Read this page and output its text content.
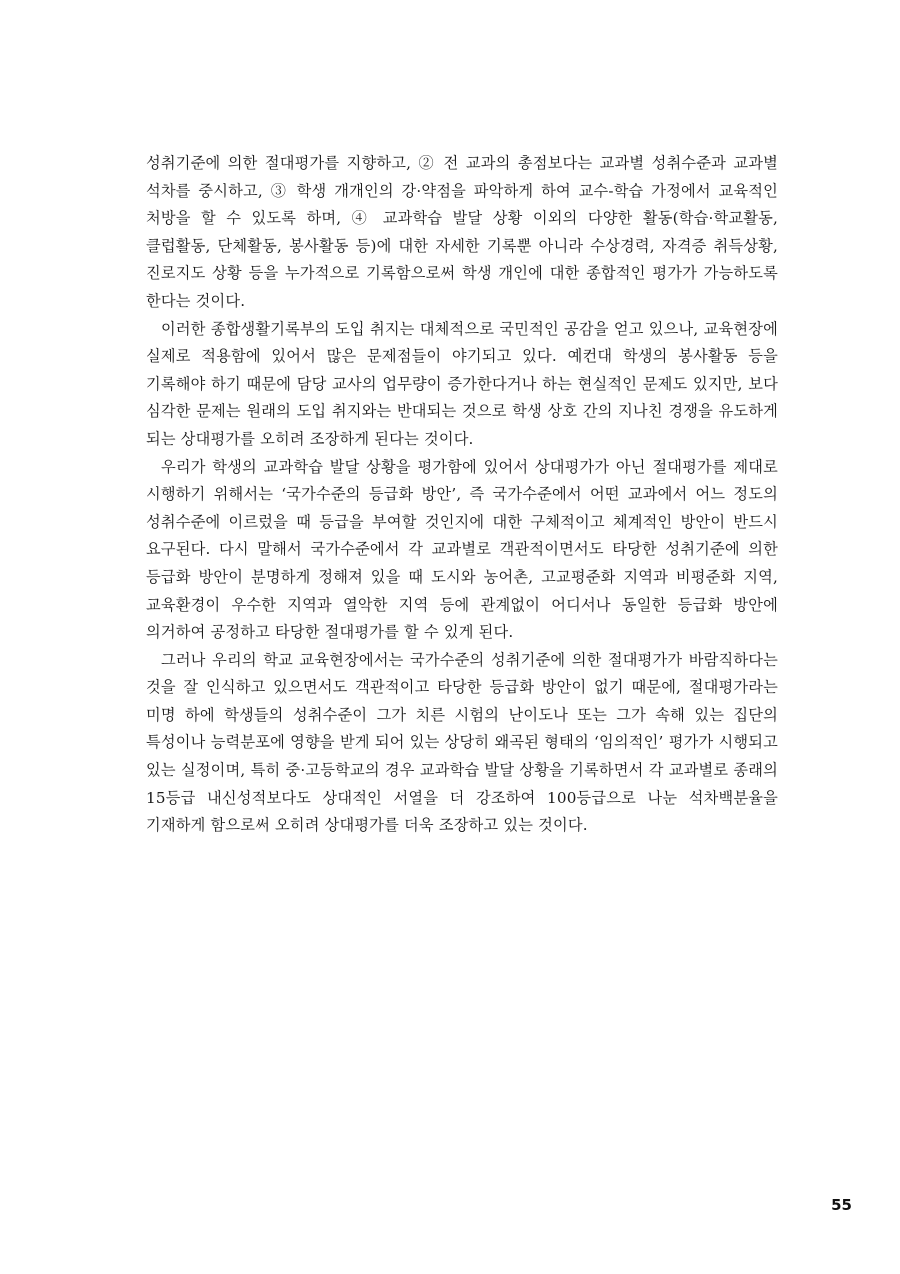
성취기준에 의한 절대평가를 지향하고, ② 전 교과의 총점보다는 교과별 성취수준과 교과별 석차를 중시하고, ③ 학생 개개인의 강·약점을 파악하게 하여 교수-학습 가정에서 교육적인 처방을 할 수 있도록 하며, ④ 교과학습 발달 상황 이외의 다양한 활동(학습·학교활동, 클럽활동, 단체활동, 봉사활동 등)에 대한 자세한 기록뿐 아니라 수상경력, 자격증 취득상황, 진로지도 상황 등을 누가적으로 기록함으로써 학생 개인에 대한 종합적인 평가가 가능하도록 한다는 것이다.

이러한 종합생활기록부의 도입 취지는 대체적으로 국민적인 공감을 얻고 있으나, 교육현장에 실제로 적용함에 있어서 많은 문제점들이 야기되고 있다. 예컨대 학생의 봉사활동 등을 기록해야 하기 때문에 담당 교사의 업무량이 증가한다거나 하는 현실적인 문제도 있지만, 보다 심각한 문제는 원래의 도입 취지와는 반대되는 것으로 학생 상호 간의 지나친 경쟁을 유도하게 되는 상대평가를 오히려 조장하게 된다는 것이다.

우리가 학생의 교과학습 발달 상황을 평가함에 있어서 상대평가가 아닌 절대평가를 제대로 시행하기 위해서는 ‘국가수준의 등급화 방안’, 즉 국가수준에서 어떤 교과에서 어느 정도의 성취수준에 이르렀을 때 등급을 부여할 것인지에 대한 구체적이고 체계적인 방안이 반드시 요구된다. 다시 말해서 국가수준에서 각 교과별로 객관적이면서도 타당한 성취기준에 의한 등급화 방안이 분명하게 정해져 있을 때 도시와 농어촌, 고교평준화 지역과 비평준화 지역, 교육환경이 우수한 지역과 열악한 지역 등에 관계없이 어디서나 동일한 등급화 방안에 의거하여 공정하고 타당한 절대평가를 할 수 있게 된다.

그러나 우리의 학교 교육현장에서는 국가수준의 성취기준에 의한 절대평가가 바람직하다는 것을 잘 인식하고 있으면서도 객관적이고 타당한 등급화 방안이 없기 때문에, 절대평가라는 미명 하에 학생들의 성취수준이 그가 치른 시험의 난이도나 또는 그가 속해 있는 집단의 특성이나 능력분포에 영향을 받게 되어 있는 상당히 왜곡된 형태의 ‘임의적인’ 평가가 시행되고 있는 실정이며, 특히 중·고등학교의 경우 교과학습 발달 상황을 기록하면서 각 교과별로 종래의 15등급 내신성적보다도 상대적인 서열을 더 강조하여 100등급으로 나눈 석차백분율을 기재하게 함으로써 오히려 상대평가를 더욱 조장하고 있는 것이다.

55
